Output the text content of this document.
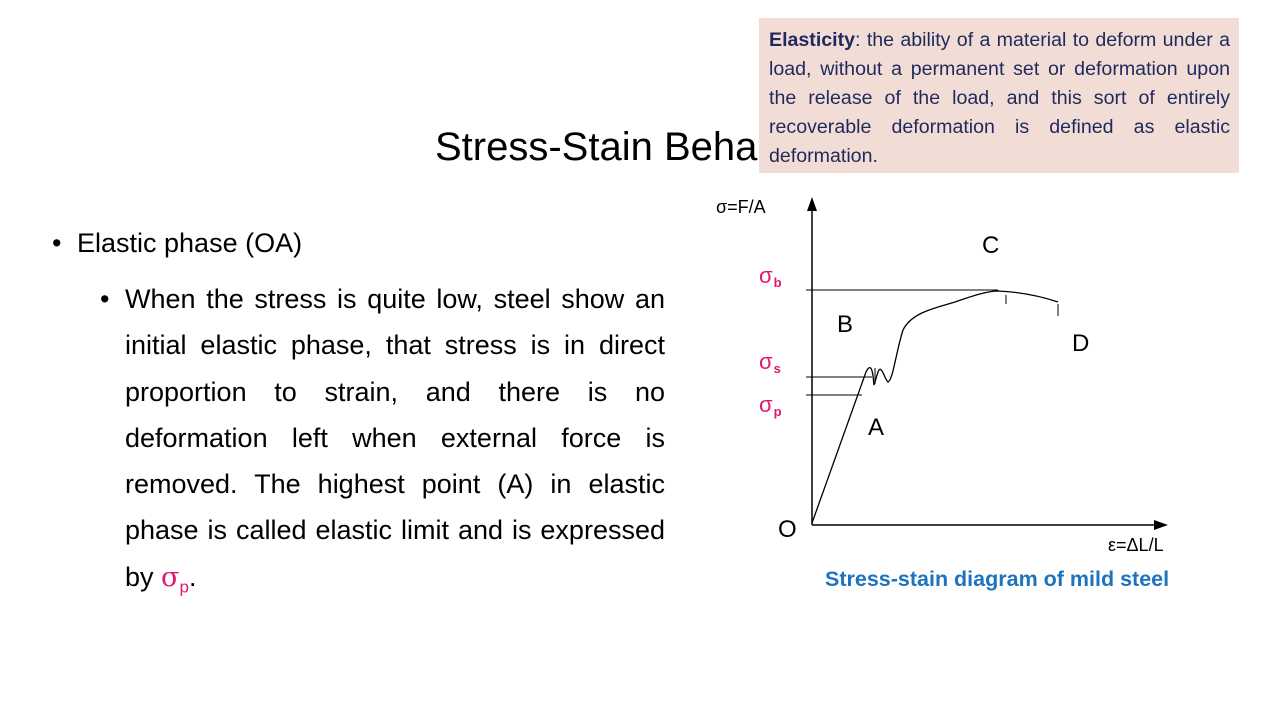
Stress-Stain Beha
Elasticity: the ability of a material to deform under a load, without a permanent set or deformation upon the release of the load, and this sort of entirely recoverable deformation is defined as elastic deformation.
• Elastic phase (OA)
• When the stress is quite low, steel show an initial elastic phase, that stress is in direct proportion to strain, and there is no deformation left when external force is removed. The highest point (A) in elastic phase is called elastic limit and is expressed by $\sigma_p$.
σ=F/A
ε=ΔL/L
O
A
B
C
D
σb
σs
σp
Stress-stain diagram of mild steel
